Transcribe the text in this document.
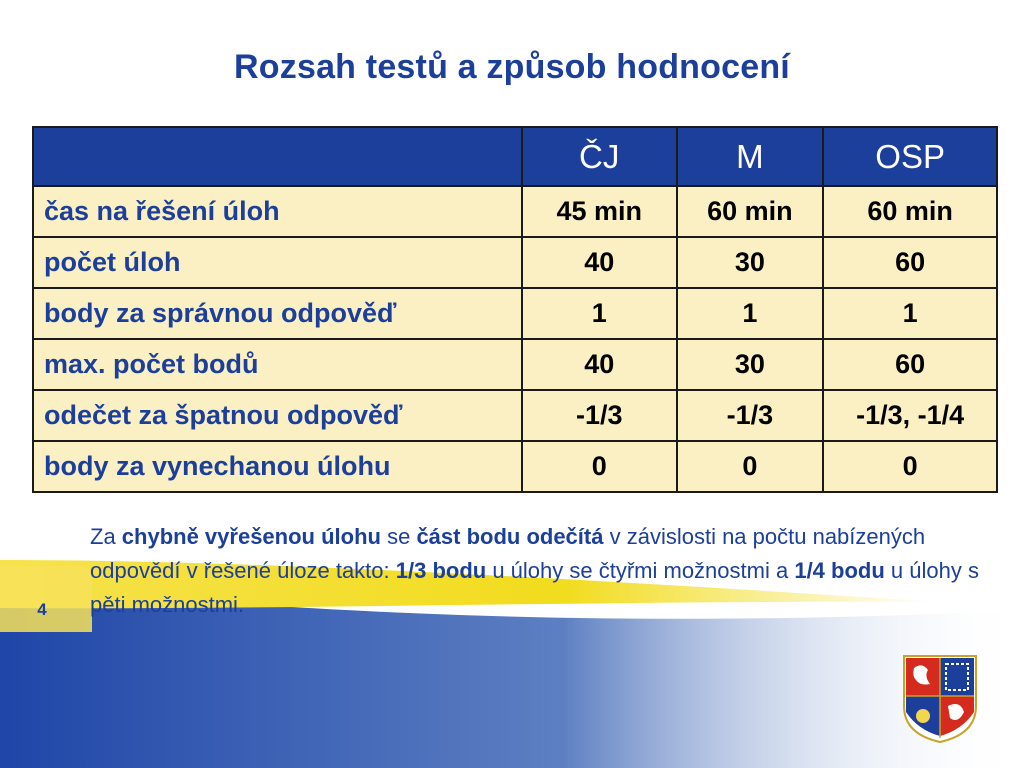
4
Rozsah testů a způsob hodnocení
	ČJ	M	OSP
čas na řešení úloh	45 min	60 min	60 min
počet úloh	40	30	60
body za správnou odpověď	1	1	1
max. počet bodů	40	30	60
odečet za špatnou odpověď	-1/3	-1/3	-1/3, -1/4
body za vynechanou úlohu	0	0	0
Za chybně vyřešenou úlohu se část bodu odečítá v závislosti na počtu nabízených odpovědí v řešené úloze takto: 1/3 bodu u úlohy se čtyřmi možnostmi a 1/4 bodu u úlohy s pěti možnostmi.
